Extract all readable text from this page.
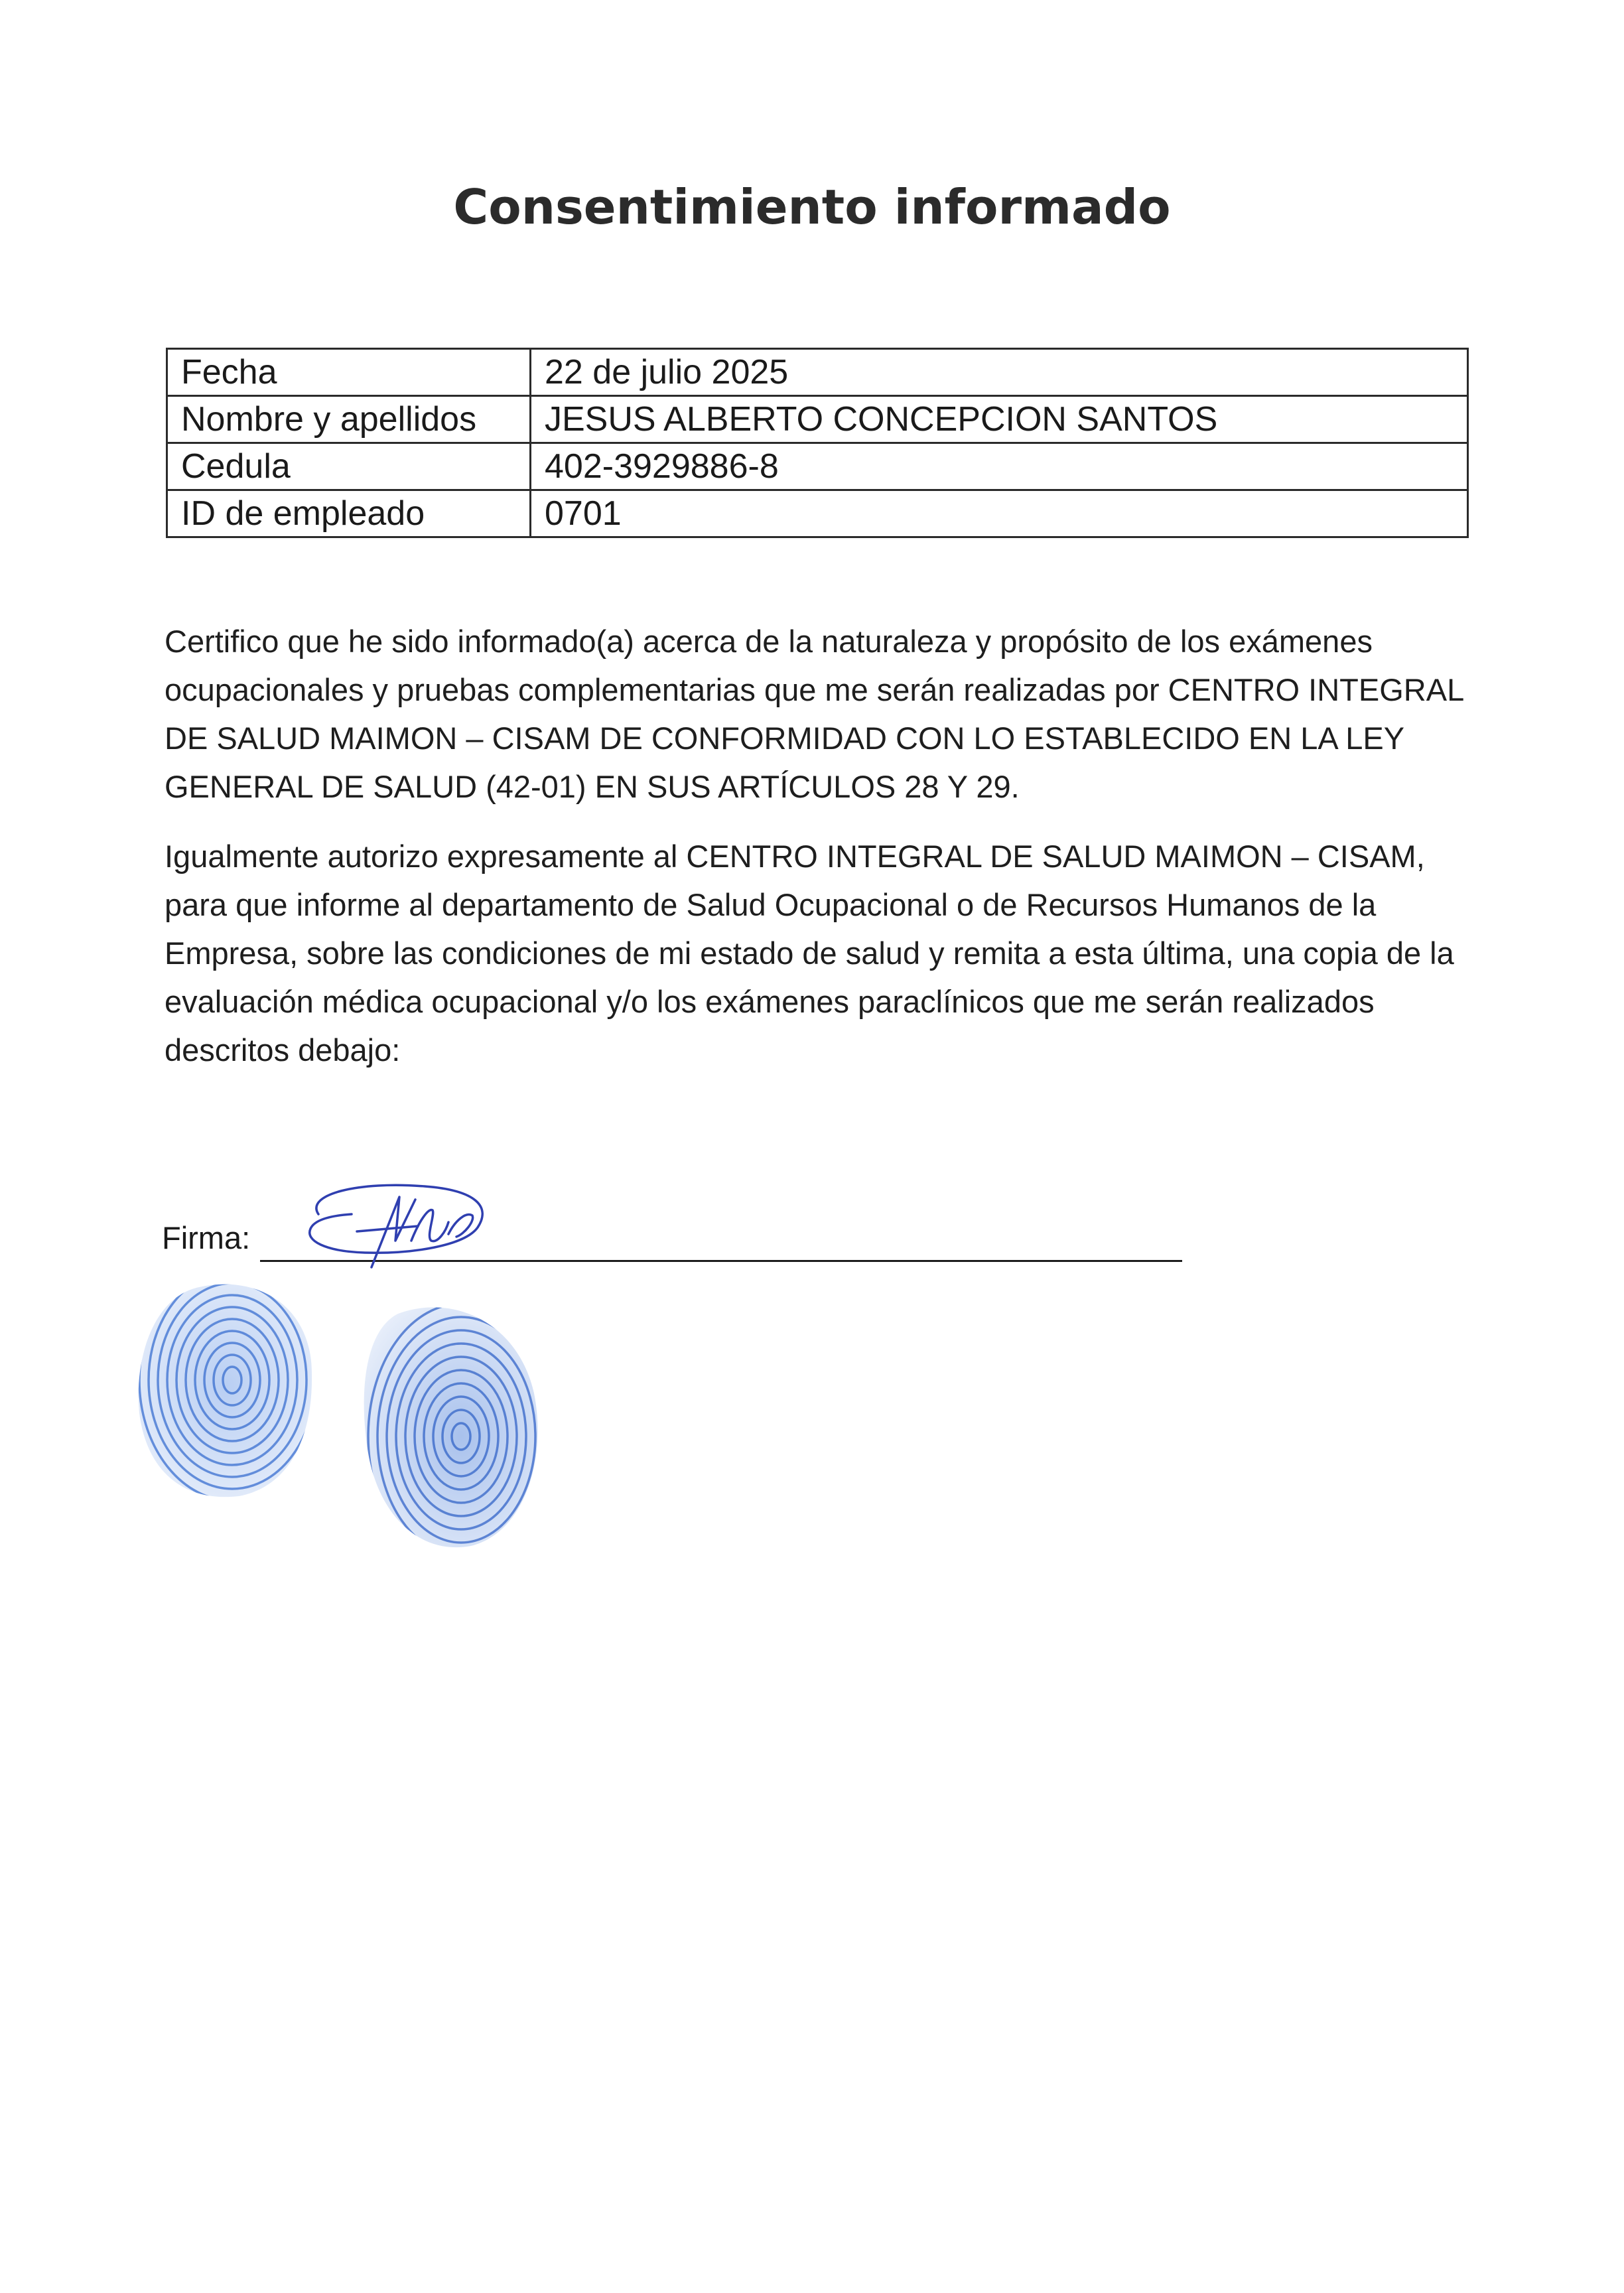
Consentimiento informado
Fecha	22 de julio 2025
Nombre y apellidos	JESUS ALBERTO CONCEPCION SANTOS
Cedula	402-3929886-8
ID de empleado	0701

Certifico que he sido informado(a) acerca de la naturaleza y propósito de los exámenes ocupacionales y pruebas complementarias que me serán realizadas por CENTRO INTEGRAL DE SALUD MAIMON – CISAM DE CONFORMIDAD CON LO ESTABLECIDO EN LA LEY GENERAL DE SALUD (42-01) EN SUS ARTÍCULOS 28 Y 29.

Igualmente autorizo expresamente al CENTRO INTEGRAL DE SALUD MAIMON – CISAM, para que informe al departamento de Salud Ocupacional o de Recursos Humanos de la Empresa, sobre las condiciones de mi estado de salud y remita a esta última, una copia de la evaluación médica ocupacional y/o los exámenes paraclínicos que me serán realizados descritos debajo:

Firma:
